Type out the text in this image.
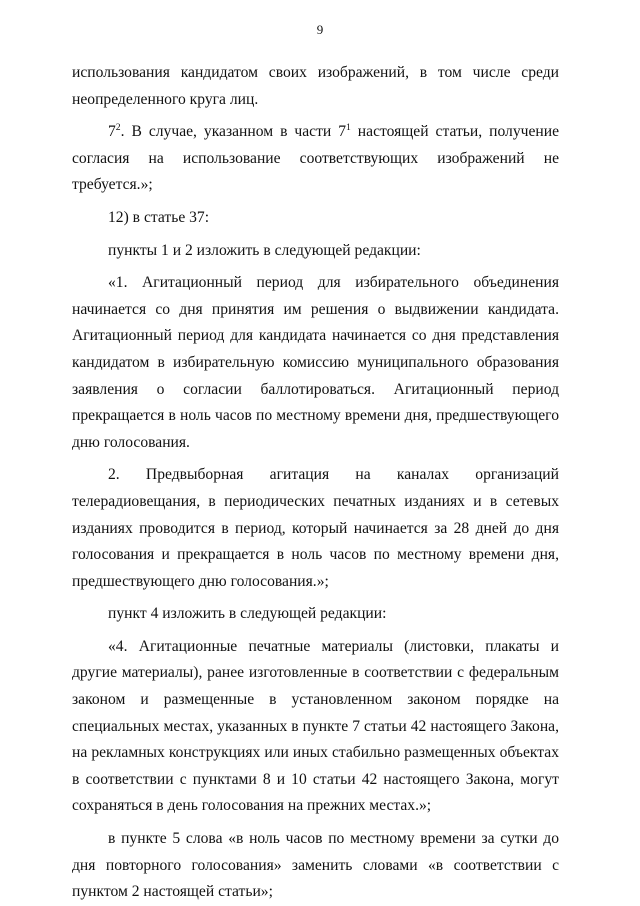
9

использования кандидатом своих изображений, в том числе среди неопределенного круга лиц.

$7^2$. В случае, указанном в части $7^1$ настоящей статьи, получение согласия на использование соответствующих изображений не требуется.»;

12) в статье 37:

пункты 1 и 2 изложить в следующей редакции:

«1. Агитационный период для избирательного объединения начинается со дня принятия им решения о выдвижении кандидата. Агитационный период для кандидата начинается со дня представления кандидатом в избирательную комиссию муниципального образования заявления о согласии баллотироваться. Агитационный период прекращается в ноль часов по местному времени дня, предшествующего дню голосования.

2. Предвыборная агитация на каналах организаций телерадиовещания, в периодических печатных изданиях и в сетевых изданиях проводится в период, который начинается за 28 дней до дня голосования и прекращается в ноль часов по местному времени дня, предшествующего дню голосования.»;

пункт 4 изложить в следующей редакции:

«4. Агитационные печатные материалы (листовки, плакаты и другие материалы), ранее изготовленные в соответствии с федеральным законом и размещенные в установленном законом порядке на специальных местах, указанных в пункте 7 статьи 42 настоящего Закона, на рекламных конструкциях или иных стабильно размещенных объектах в соответствии с пунктами 8 и 10 статьи 42 настоящего Закона, могут сохраняться в день голосования на прежних местах.»;

в пункте 5 слова «в ноль часов по местному времени за сутки до дня повторного голосования» заменить словами «в соответствии с пунктом 2 настоящей статьи»;
